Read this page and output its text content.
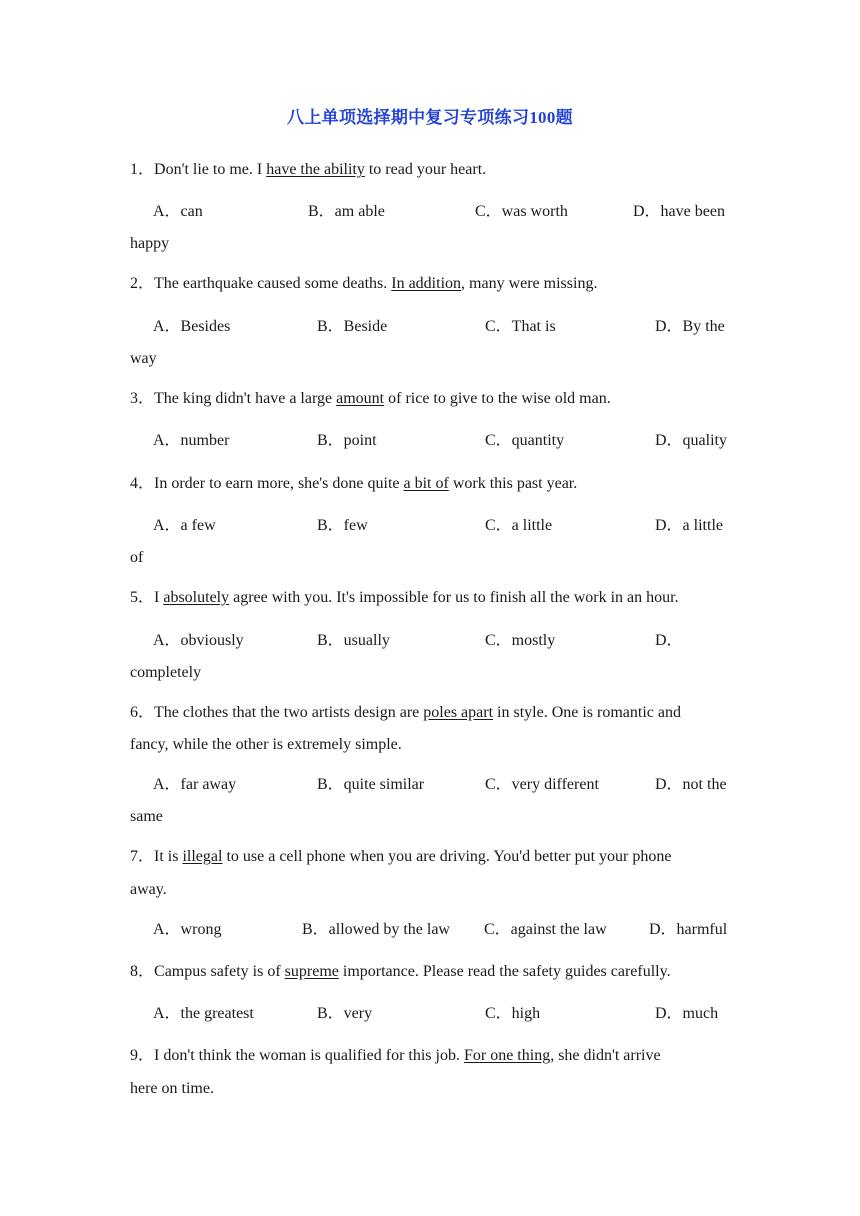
八上单项选择期中复习专项练习100题
1．Don't lie to me. I have the ability to read your heart.
A．can	B．am able	C．was worth	D．have been
happy
2．The earthquake caused some deaths. In addition, many were missing.
A．Besides	B．Beside	C．That is	D．By the
way
3．The king didn't have a large amount of rice to give to the wise old man.
A．number	B．point	C．quantity	D．quality
4．In order to earn more, she's done quite a bit of work this past year.
A．a few	B．few	C．a little	D．a little
of
5．I absolutely agree with you. It's impossible for us to finish all the work in an hour.
A．obviously	B．usually	C．mostly	D．
completely
6．The clothes that the two artists design are poles apart in style. One is romantic and
fancy, while the other is extremely simple.
A．far away	B．quite similar	C．very different	D．not the
same
7．It is illegal to use a cell phone when you are driving. You'd better put your phone
away.
A．wrong	B．allowed by the law C．against the law	D．harmful
8．Campus safety is of supreme importance. Please read the safety guides carefully.
A．the greatest	B．very	C．high	D．much
9．I don't think the woman is qualified for this job. For one thing, she didn't arrive
here on time.
